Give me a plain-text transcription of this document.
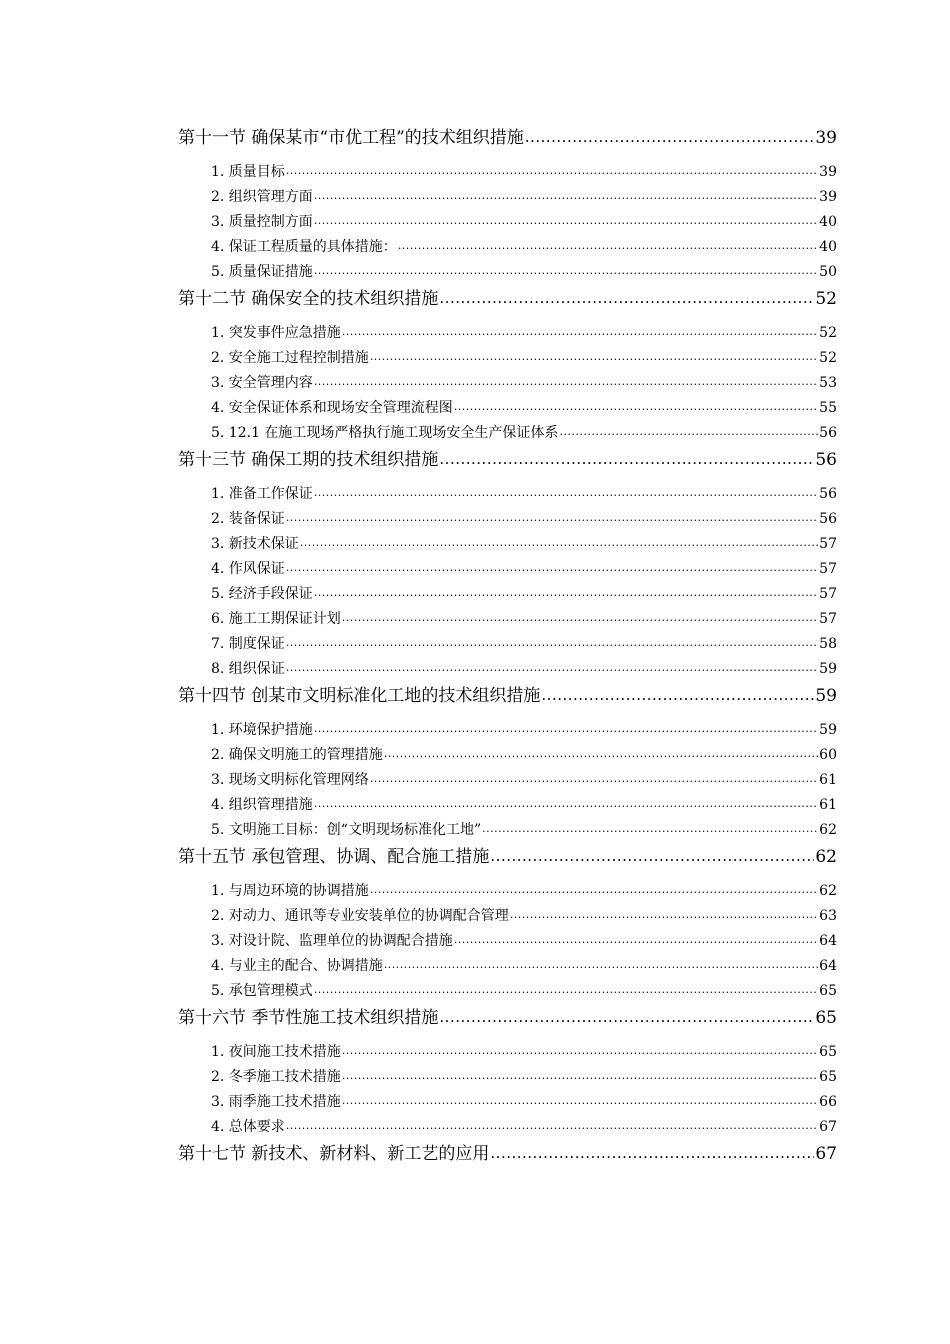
第十一节 确保某市“市优工程”的技术组织措施 .....	39
1. 质量目标 .....	39
2. 组织管理方面 .....	39
3. 质量控制方面 .....	40
4. 保证工程质量的具体措施： .....	40
5. 质量保证措施 .....	50
第十二节 确保安全的技术组织措施 .....	52
1. 突发事件应急措施 .....	52
2. 安全施工过程控制措施 .....	52
3. 安全管理内容 .....	53
4. 安全保证体系和现场安全管理流程图 .....	55
5. 12.1 在施工现场严格执行施工现场安全生产保证体系 .....	56
第十三节 确保工期的技术组织措施 .....	56
1. 准备工作保证 .....	56
2. 装备保证 .....	56
3. 新技术保证 .....	57
4. 作风保证 .....	57
5. 经济手段保证 .....	57
6. 施工工期保证计划 .....	57
7. 制度保证 .....	58
8. 组织保证 .....	59
第十四节 创某市文明标准化工地的技术组织措施 .....	59
1. 环境保护措施 .....	59
2. 确保文明施工的管理措施 .....	60
3. 现场文明标化管理网络 .....	61
4. 组织管理措施 .....	61
5. 文明施工目标：创“文明现场标准化工地” .....	62
第十五节 承包管理、协调、配合施工措施 .....	62
1. 与周边环境的协调措施 .....	62
2. 对动力、通讯等专业安装单位的协调配合管理 .....	63
3. 对设计院、监理单位的协调配合措施 .....	64
4. 与业主的配合、协调措施 .....	64
5. 承包管理模式 .....	65
第十六节 季节性施工技术组织措施 .....	65
1. 夜间施工技术措施 .....	65
2. 冬季施工技术措施 .....	65
3. 雨季施工技术措施 .....	66
4. 总体要求 .....	67
第十七节 新技术、新材料、新工艺的应用 .....	67
